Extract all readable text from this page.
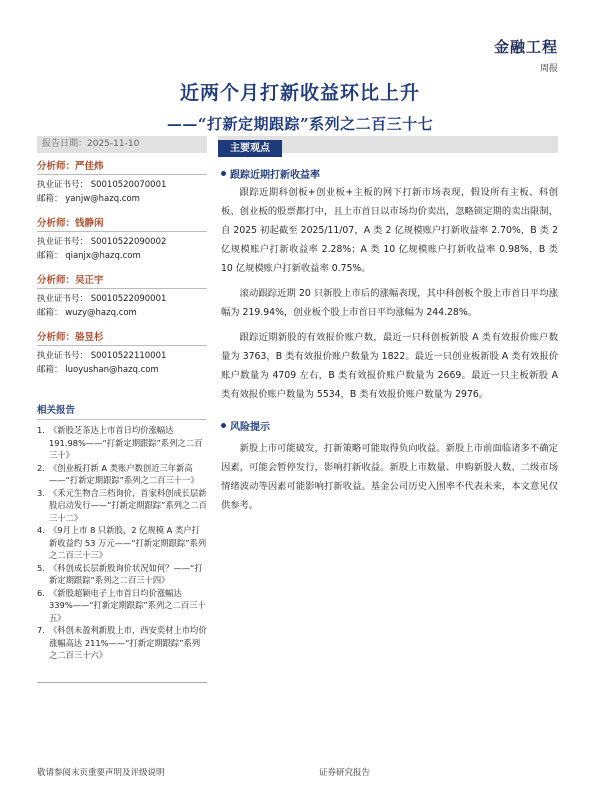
金融工程
周报
近两个月打新收益环比上升
——“打新定期跟踪”系列之二百三十七
报告日期：2025-11-10	主要观点
分析师：严佳炜
执业证书号： S0010520070001
邮箱： yanjw@hazq.com
分析师：钱静闲
执业证书号： S0010522090002
邮箱： qianjx@hazq.com
分析师：吴正宇
执业证书号： S0010522090001
邮箱： wuzy@hazq.com
分析师：骆昱杉
执业证书号： S0010522110001
邮箱： luoyushan@hazq.com
相关报告
1. 《新股芝茶达上市首日均价涨幅达191.98%——“打新定期跟踪”系列之二百三十》
2. 《创业板打新 A 类账户数创近三年新高——“打新定期跟踪”系列之二百三十一》
3. 《禾元生物合三档询价，首家科创成长层新股启动发行——“打新定期跟踪”系列之二百三十二》
4. 《9月上市 8 只新股，2 亿规模 A 类户打新收益约 53 万元——“打新定期跟踪”系列之二百三十三》
5. 《科创成长层新股询价状况如何？——“打新定期跟踪”系列之二百三十四》
6. 《新股超颖电子上市首日均价涨幅达 339%——“打新定期跟踪”系列之二百三十五》
7. 《科创未盈利新股上市，西安奕材上市均价涨幅高达 211%——“打新定期跟踪”系列之二百三十六》
跟踪近期打新收益率

跟踪近期科创板+创业板+主板的网下打新市场表现，假设所有主板、科创板、创业板的股票都打中，且上市首日以市场均价卖出，忽略锁定期的卖出限制，自 2025 初起截至 2025/11/07，A 类 2 亿规模账户打新收益率 2.70%，B 类 2 亿规模账户打新收益率 2.28%；A 类 10 亿规模账户打新收益率 0.98%，B 类 10 亿规模账户打新收益率 0.75%。

滚动跟踪近期 20 只新股上市后的涨幅表现，其中科创板个股上市首日平均涨幅为 219.94%，创业板个股上市首日平均涨幅为 244.28%。

跟踪近期新股的有效报价账户数，最近一只科创板新股 A 类有效报价账户数量为 3763，B 类有效报价账户数量为 1822。最近一只创业板新股 A 类有效报价账户数量为 4709 左右，B 类有效报价账户数量为 2669。最近一只主板新股 A 类有效报价账户数量为 5534，B 类有效报价账户数量为 2976。

风险提示

新股上市可能破发，打新策略可能取得负向收益。新股上市前面临诸多不确定因素，可能会暂停发行，影响打新收益。新股上市数量、申购新股人数、二级市场情绪波动等因素可能影响打新收益。基金公司历史入围率不代表未来，本文意见仅供参考。

敬请参阅末页重要声明及评级说明	证券研究报告
